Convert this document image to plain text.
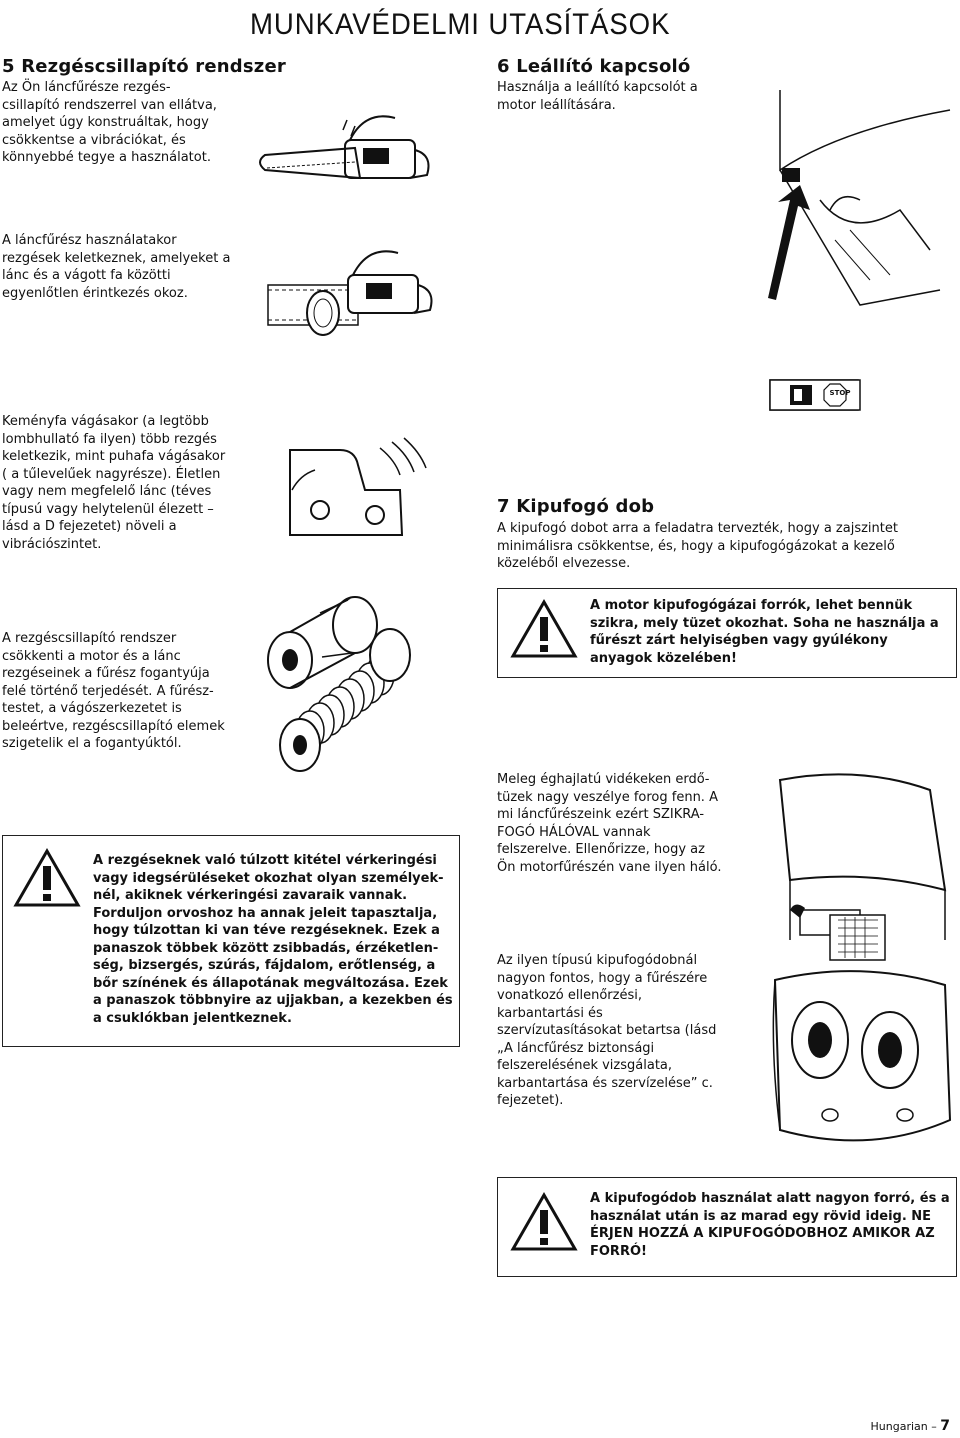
MUNKAVÉDELMI UTASÍTÁSOK
5 Rezgéscsillapító rendszer
Az Ön láncfűrésze rezgés-csillapító rendszerrel van ellátva, amelyet úgy konstruáltak, hogy csökkentse a vibrációkat, és könnyebbé tegye a használatot.
A láncfűrész használatakor rezgések keletkeznek, amelyeket a lánc és a vágott fa közötti egyenlőtlen érintkezés okoz.
Keményfa vágásakor (a legtöbb lombhullató fa ilyen) több rezgés keletkezik, mint puhafa vágásakor ( a tűlevelűek nagyrésze). Életlen vagy nem megfelelő lánc (téves típusú vagy helytelenül élezett – lásd a D fejezetet) növeli a vibrációszintet.
A rezgéscsillapító rendszer csökkenti a motor és a lánc rezgéseinek a fűrész fogantyúja felé történő terjedését. A fűrész-testet, a vágószerkezetet is beleértve, rezgéscsillapító elemek szigetelik el a fogantyúktól.
A rezgéseknek való túlzott kitétel vérkeringési vagy idegsérüléseket okozhat olyan személyek-nél, akiknek vérkeringési zavaraik vannak. Forduljon orvoshoz ha annak jeleit tapasztalja, hogy túlzottan ki van téve rezgéseknek. Ezek a panaszok többek között zsibbadás, érzéketlen-ség, bizsergés, szúrás, fájdalom, erőtlenség, a bőr színének és állapotának megváltozása. Ezek a panaszok többnyire az ujjakban, a kezekben és a csuklókban jelentkeznek.
6 Leállító kapcsoló
Használja a leállító kapcsolót a motor leállítására.
STOP
7 Kipufogó dob
A kipufogó dobot arra a feladatra tervezték, hogy a zajszintet minimálisra csökkentse, és, hogy a kipufogógázokat a kezelő közeléből elvezesse.
A motor kipufogógázai forrók, lehet bennük szikra, mely tüzet okozhat. Soha ne használja a fűrészt zárt helyiségben vagy gyúlékony anyagok közelében!
Meleg éghajlatú vidékeken erdő-tüzek nagy veszélye forog fenn. A mi láncfűrészeink ezért SZIKRA-FOGÓ HÁLÓVAL vannak felszerelve. Ellenőrizze, hogy az Ön motorfűrészén vane ilyen háló.
Az ilyen típusú kipufogódobnál nagyon fontos, hogy a fűrészére vonatkozó ellenőrzési, karbantartási és szervízutasításokat betartsa (lásd „A láncfűrész biztonsági felszerelésének vizsgálata, karbantartása és szervízelése” c. fejezetet).
A kipufogódob használat alatt nagyon forró, és a használat után is az marad egy rövid ideig. NE ÉRJEN HOZZÁ A KIPUFOGÓDOBHOZ AMIKOR AZ FORRÓ!
Hungarian – 7
